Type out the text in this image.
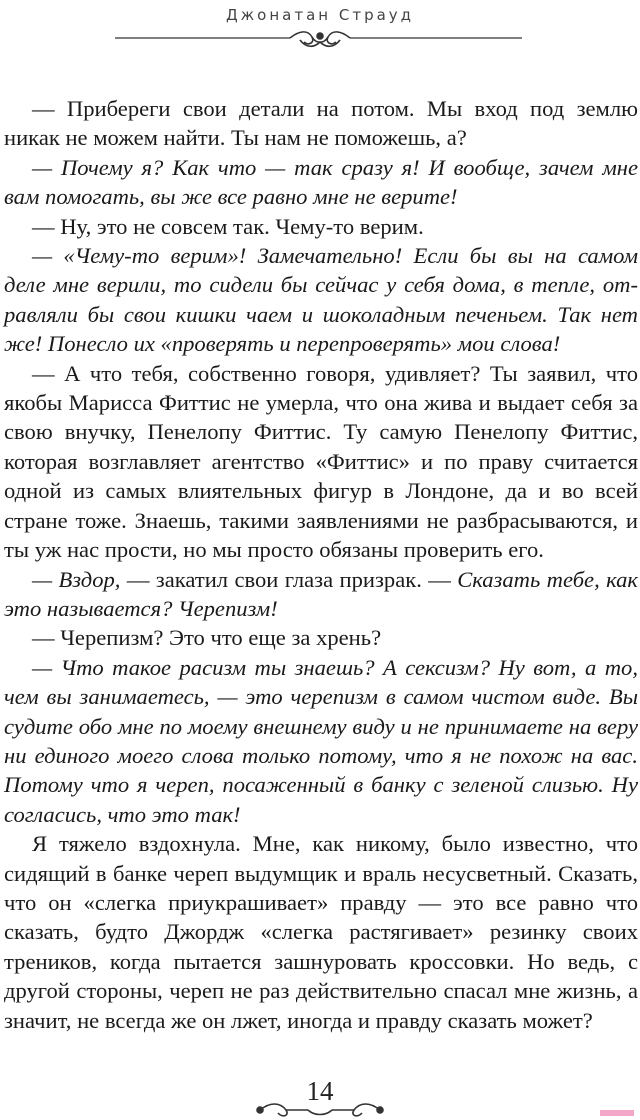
Джонатан Страуд

— Прибереги свои детали на потом. Мы вход под землю никак не можем найти. Ты нам не поможешь, а?

— Почему я? Как что — так сразу я! И вообще, зачем мне вам помогать, вы же все равно мне не верите!

— Ну, это не совсем так. Чему-то верим.

— «Чему-то верим»! Замечательно! Если бы вы на самом деле мне верили, то сидели бы сейчас у себя дома, в тепле, отравляли бы свои кишки чаем и шоколадным печеньем. Так нет же! Понесло их «проверять и перепроверять» мои слова!

— А что тебя, собственно говоря, удивляет? Ты заявил, что якобы Марисса Фиттис не умерла, что она жива и выдает себя за свою внучку, Пенелопу Фиттис. Ту самую Пенелопу Фиттис, которая возглавляет агентство «Фиттис» и по праву считается одной из самых влиятельных фигур в Лондоне, да и во всей стране тоже. Знаешь, такими заявлениями не разбрасываются, и ты уж нас прости, но мы просто обязаны проверить его.

— Вздор, — закатил свои глаза призрак. — Сказать тебе, как это называется? Черепизм!

— Черепизм? Это что еще за хрень?

— Что такое расизм ты знаешь? А сексизм? Ну вот, а то, чем вы занимаетесь, — это черепизм в самом чистом виде. Вы судите обо мне по моему внешнему виду и не принимаете на веру ни единого моего слова только потому, что я не похож на вас. Потому что я череп, посаженный в банку с зеленой слизью. Ну согласись, что это так!

Я тяжело вздохнула. Мне, как никому, было известно, что сидящий в банке череп выдумщик и враль несусветный. Сказать, что он «слегка приукрашивает» правду — это все равно что сказать, будто Джордж «слегка растягивает» резинку своих треников, когда пытается зашнуровать кроссовки. Но ведь, с другой стороны, череп не раз действительно спасал мне жизнь, а значит, не всегда же он лжет, иногда и правду сказать может?

14
